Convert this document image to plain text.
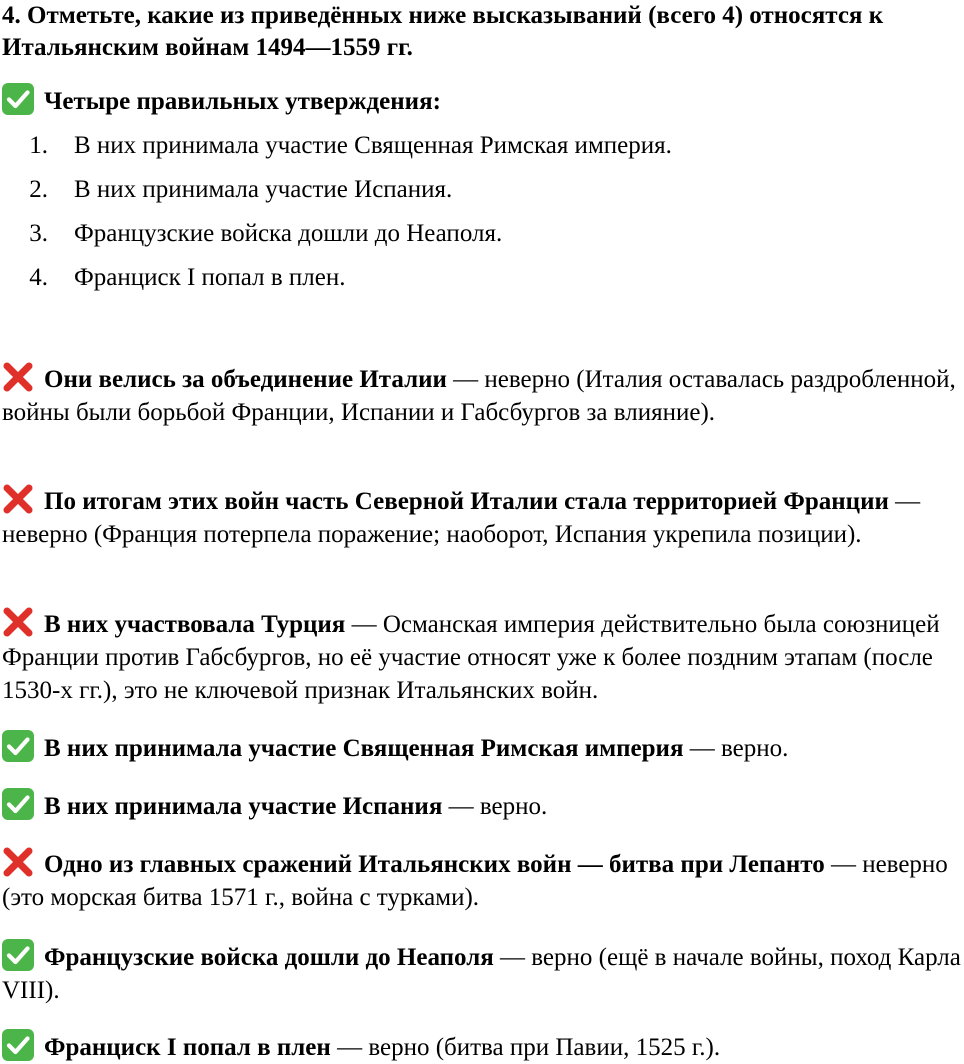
4. Отметьте, какие из приведённых ниже высказываний (всего 4) относятся к Итальянским войнам 1494—1559 гг.

Четыре правильных утверждения:

1. В них принимала участие Священная Римская империя.
2. В них принимала участие Испания.
3. Французские войска дошли до Неаполя.
4. Франциск I попал в плен.

Они велись за объединение Италии — неверно (Италия оставалась раздробленной, войны были борьбой Франции, Испании и Габсбургов за влияние).

По итогам этих войн часть Северной Италии стала территорией Франции — неверно (Франция потерпела поражение; наоборот, Испания укрепила позиции).

В них участвовала Турция — Османская империя действительно была союзницей Франции против Габсбургов, но её участие относят уже к более поздним этапам (после 1530-х гг.), это не ключевой признак Итальянских войн.

В них принимала участие Священная Римская империя — верно.

В них принимала участие Испания — верно.

Одно из главных сражений Итальянских войн — битва при Лепанто — неверно (это морская битва 1571 г., война с турками).

Французские войска дошли до Неаполя — верно (ещё в начале войны, поход Карла VIII).

Франциск I попал в плен — верно (битва при Павии, 1525 г.).
